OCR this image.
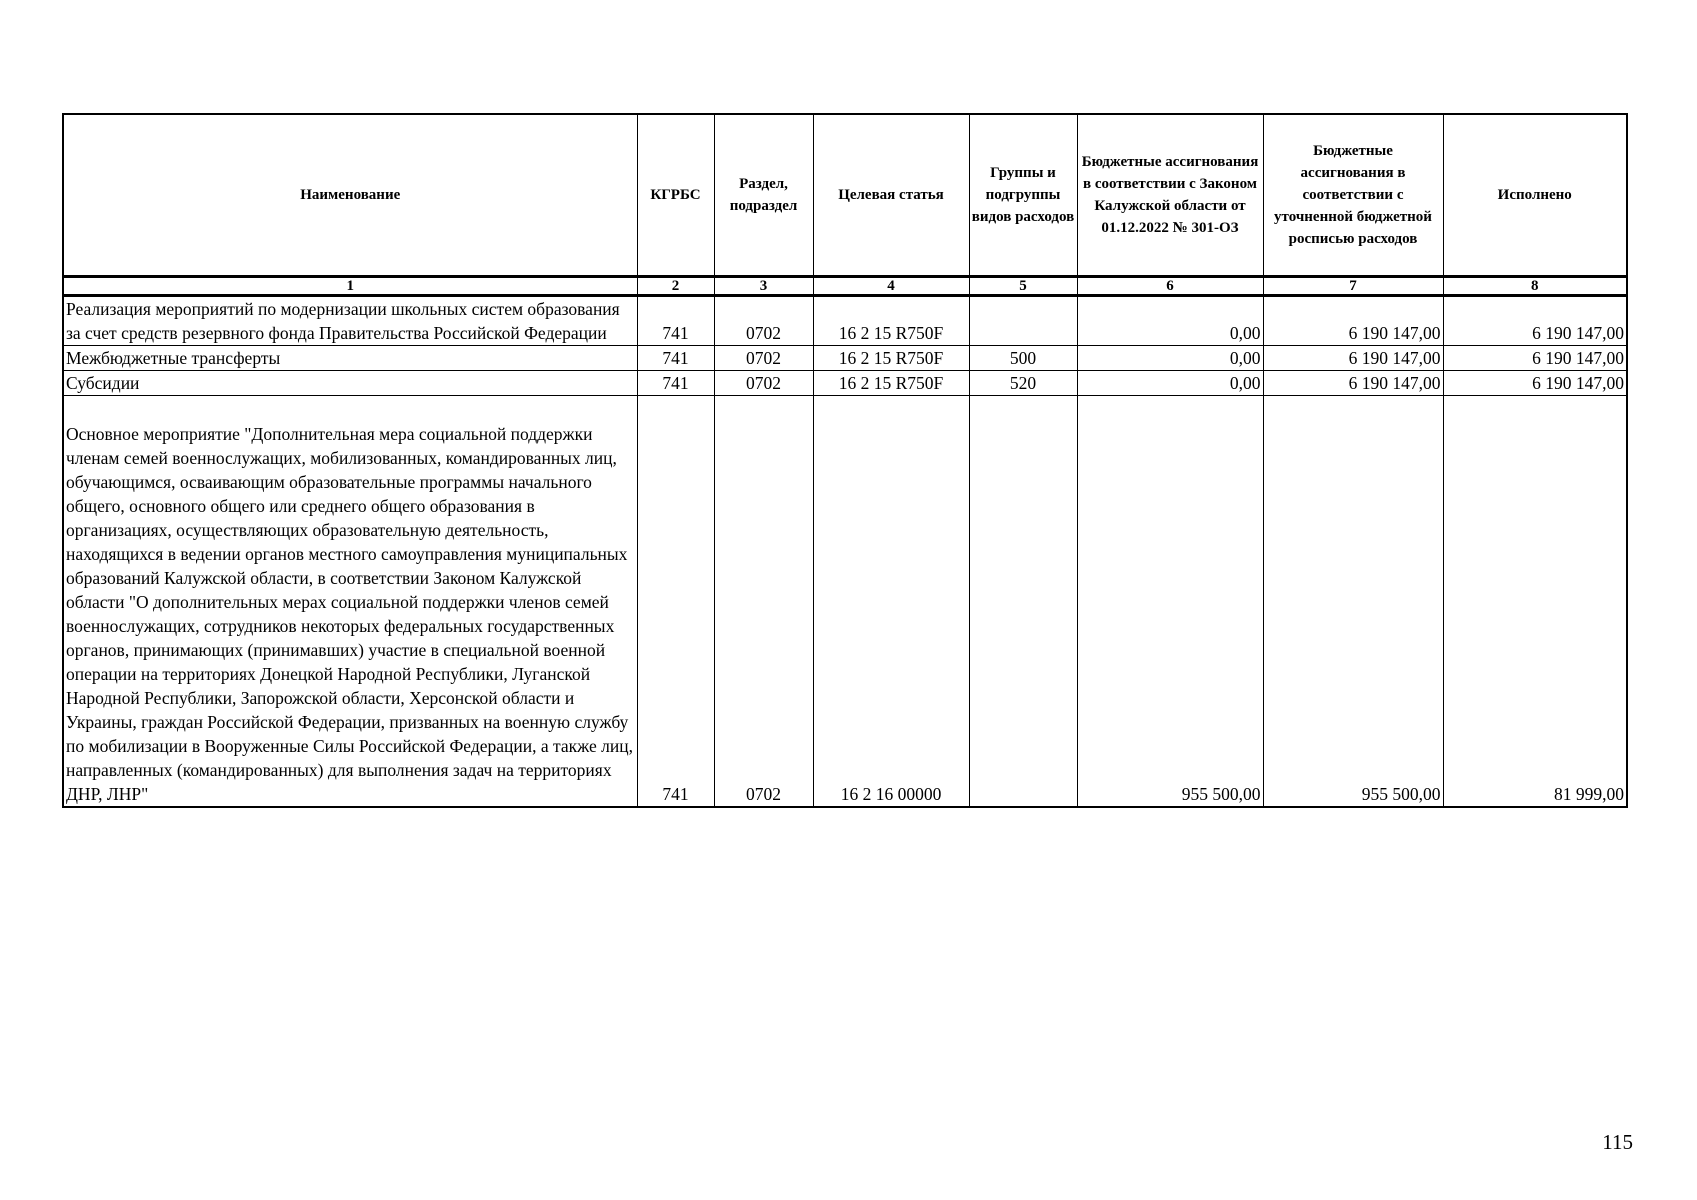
Наименование	КГРБС	Раздел, подраздел	Целевая статья	Группы и подгруппы видов расходов	Бюджетные ассигнования в соответствии с Законом Калужской области от 01.12.2022 № 301-ОЗ	Бюджетные ассигнования в соответствии с уточненной бюджетной росписью расходов	Исполнено
1	2	3	4	5	6	7	8
Реализация мероприятий по модернизации школьных систем образования за счет средств резервного фонда Правительства Российской Федерации	741	0702	16 2 15 R750F		0,00	6 190 147,00	6 190 147,00
Межбюджетные трансферты	741	0702	16 2 15 R750F	500	0,00	6 190 147,00	6 190 147,00
Субсидии	741	0702	16 2 15 R750F	520	0,00	6 190 147,00	6 190 147,00
Основное мероприятие "Дополнительная мера социальной поддержки членам семей военнослужащих, мобилизованных, командированных лиц, обучающимся, осваивающим образовательные программы начального общего, основного общего или среднего общего образования в организациях, осуществляющих образовательную деятельность, находящихся в ведении органов местного самоуправления муниципальных образований Калужской области, в соответствии Законом Калужской области "О дополнительных мерах социальной поддержки членов семей военнослужащих, сотрудников некоторых федеральных государственных органов, принимающих (принимавших) участие в специальной военной операции на территориях Донецкой Народной Республики, Луганской Народной Республики, Запорожской области, Херсонской области и Украины, граждан Российской Федерации, призванных на военную службу по мобилизации в Вооруженные Силы Российской Федерации, а также лиц, направленных (командированных) для выполнения задач на территориях ДНР, ЛНР"	741	0702	16 2 16 00000		955 500,00	955 500,00	81 999,00
115
